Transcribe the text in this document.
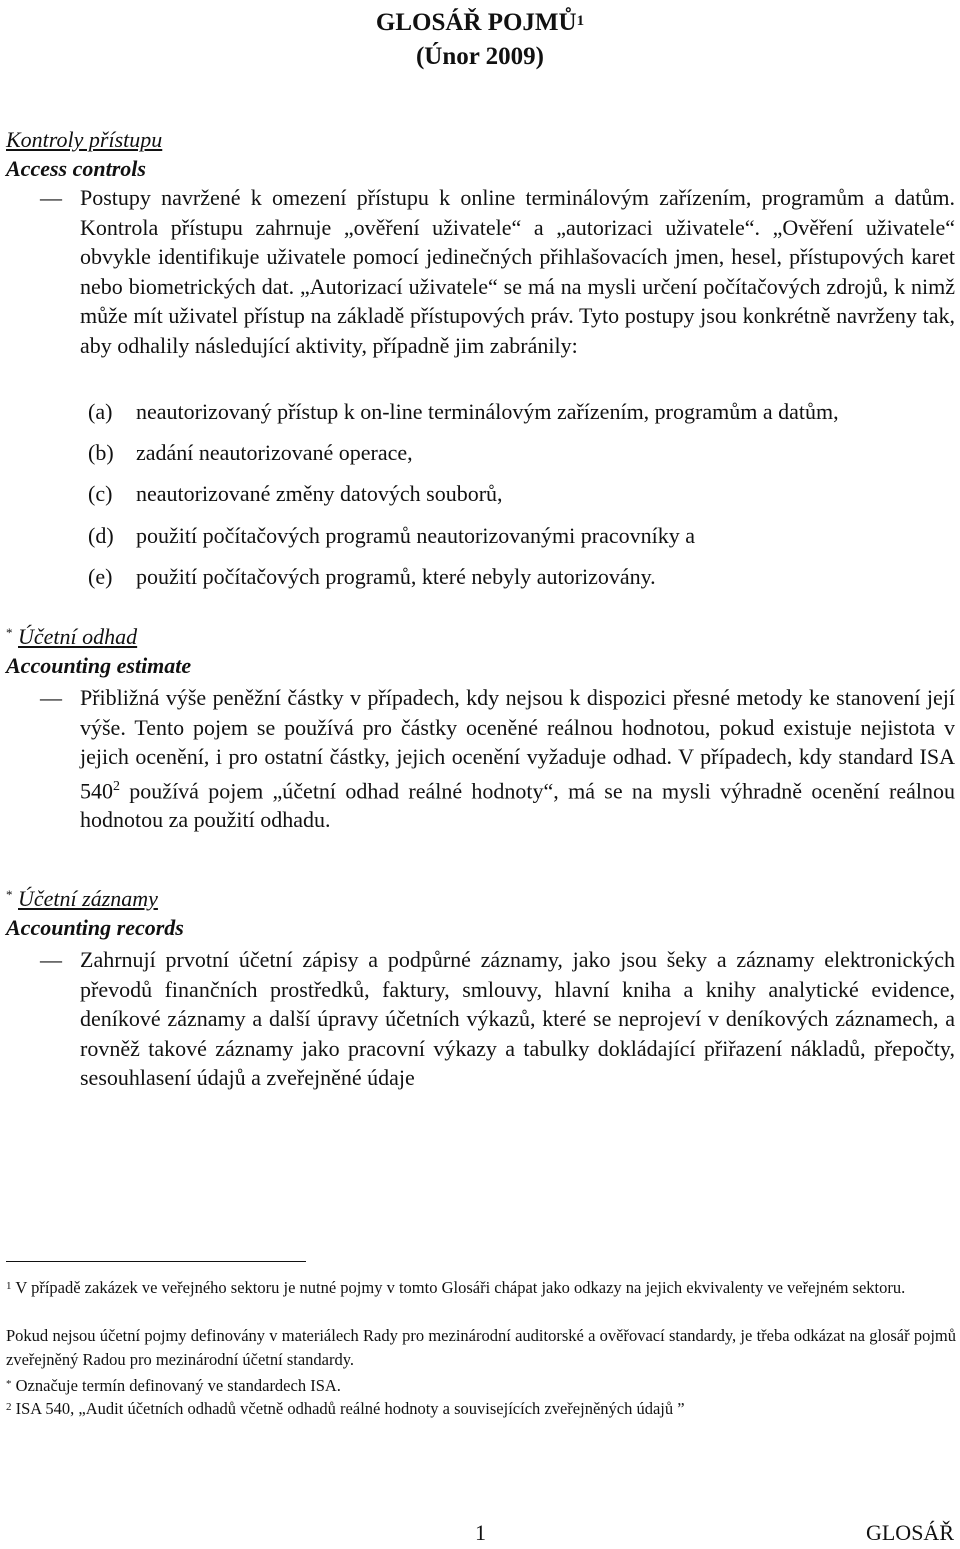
GLOSÁŘ POJMŮ$^1$
(Únor 2009)
Kontroly přístupu
Access controls
— Postupy navržené k omezení přístupu k online terminálovým zařízením, programům a datům. Kontrola přístupu zahrnuje „ověření uživatele“ a „autorizaci uživatele“. „Ověření uživatele“ obvykle identifikuje uživatele pomocí jedinečných přihlašovacích jmen, hesel, přístupových karet nebo biometrických dat. „Autorizací uživatele“ se má na mysli určení počítačových zdrojů, k nimž může mít uživatel přístup na základě přístupových práv. Tyto postupy jsou konkrétně navrženy tak, aby odhalily následující aktivity, případně jim zabránily:

(a) neautorizovaný přístup k on-line terminálovým zařízením, programům a datům,
(b) zadání neautorizované operace,
(c) neautorizované změny datových souborů,
(d) použití počítačových programů neautorizovanými pracovníky a
(e) použití počítačových programů, které nebyly autorizovány.
* Účetní odhad
Accounting estimate
— Přibližná výše peněžní částky v případech, kdy nejsou k dispozici přesné metody ke stanovení její výše. Tento pojem se používá pro částky oceněné reálnou hodnotou, pokud existuje nejistota v jejich ocenění, i pro ostatní částky, jejich ocenění vyžaduje odhad. V případech, kdy standard ISA $540^2$ používá pojem „účetní odhad reálné hodnoty“, má se na mysli výhradně ocenění reálnou hodnotou za použití odhadu.

* Účetní záznamy
Accounting records
— Zahrnují prvotní účetní zápisy a podpůrné záznamy, jako jsou šeky a záznamy elektronických převodů finančních prostředků, faktury, smlouvy, hlavní kniha a knihy analytické evidence, deníkové záznamy a další úpravy účetních výkazů, které se neprojeví v deníkových záznamech, a rovněž takové záznamy jako pracovní výkazy a tabulky dokládající přiřazení nákladů, přepočty, sesouhlasení údajů a zveřejněné údaje

$^1$ V případě zakázek ve veřejného sektoru je nutné pojmy v tomto Glosáři chápat jako odkazy na jejich ekvivalenty ve veřejném sektoru.
Pokud nejsou účetní pojmy definovány v materiálech Rady pro mezinárodní auditorské a ověřovací standardy, je třeba odkázat na glosář pojmů zveřejněný Radou pro mezinárodní účetní standardy.
* Označuje termín definovaný ve standardech ISA.
$^2$ ISA 540, „Audit účetních odhadů včetně odhadů reálné hodnoty a souvisejících zveřejněných údajů ”
1	GLOSÁŘ
